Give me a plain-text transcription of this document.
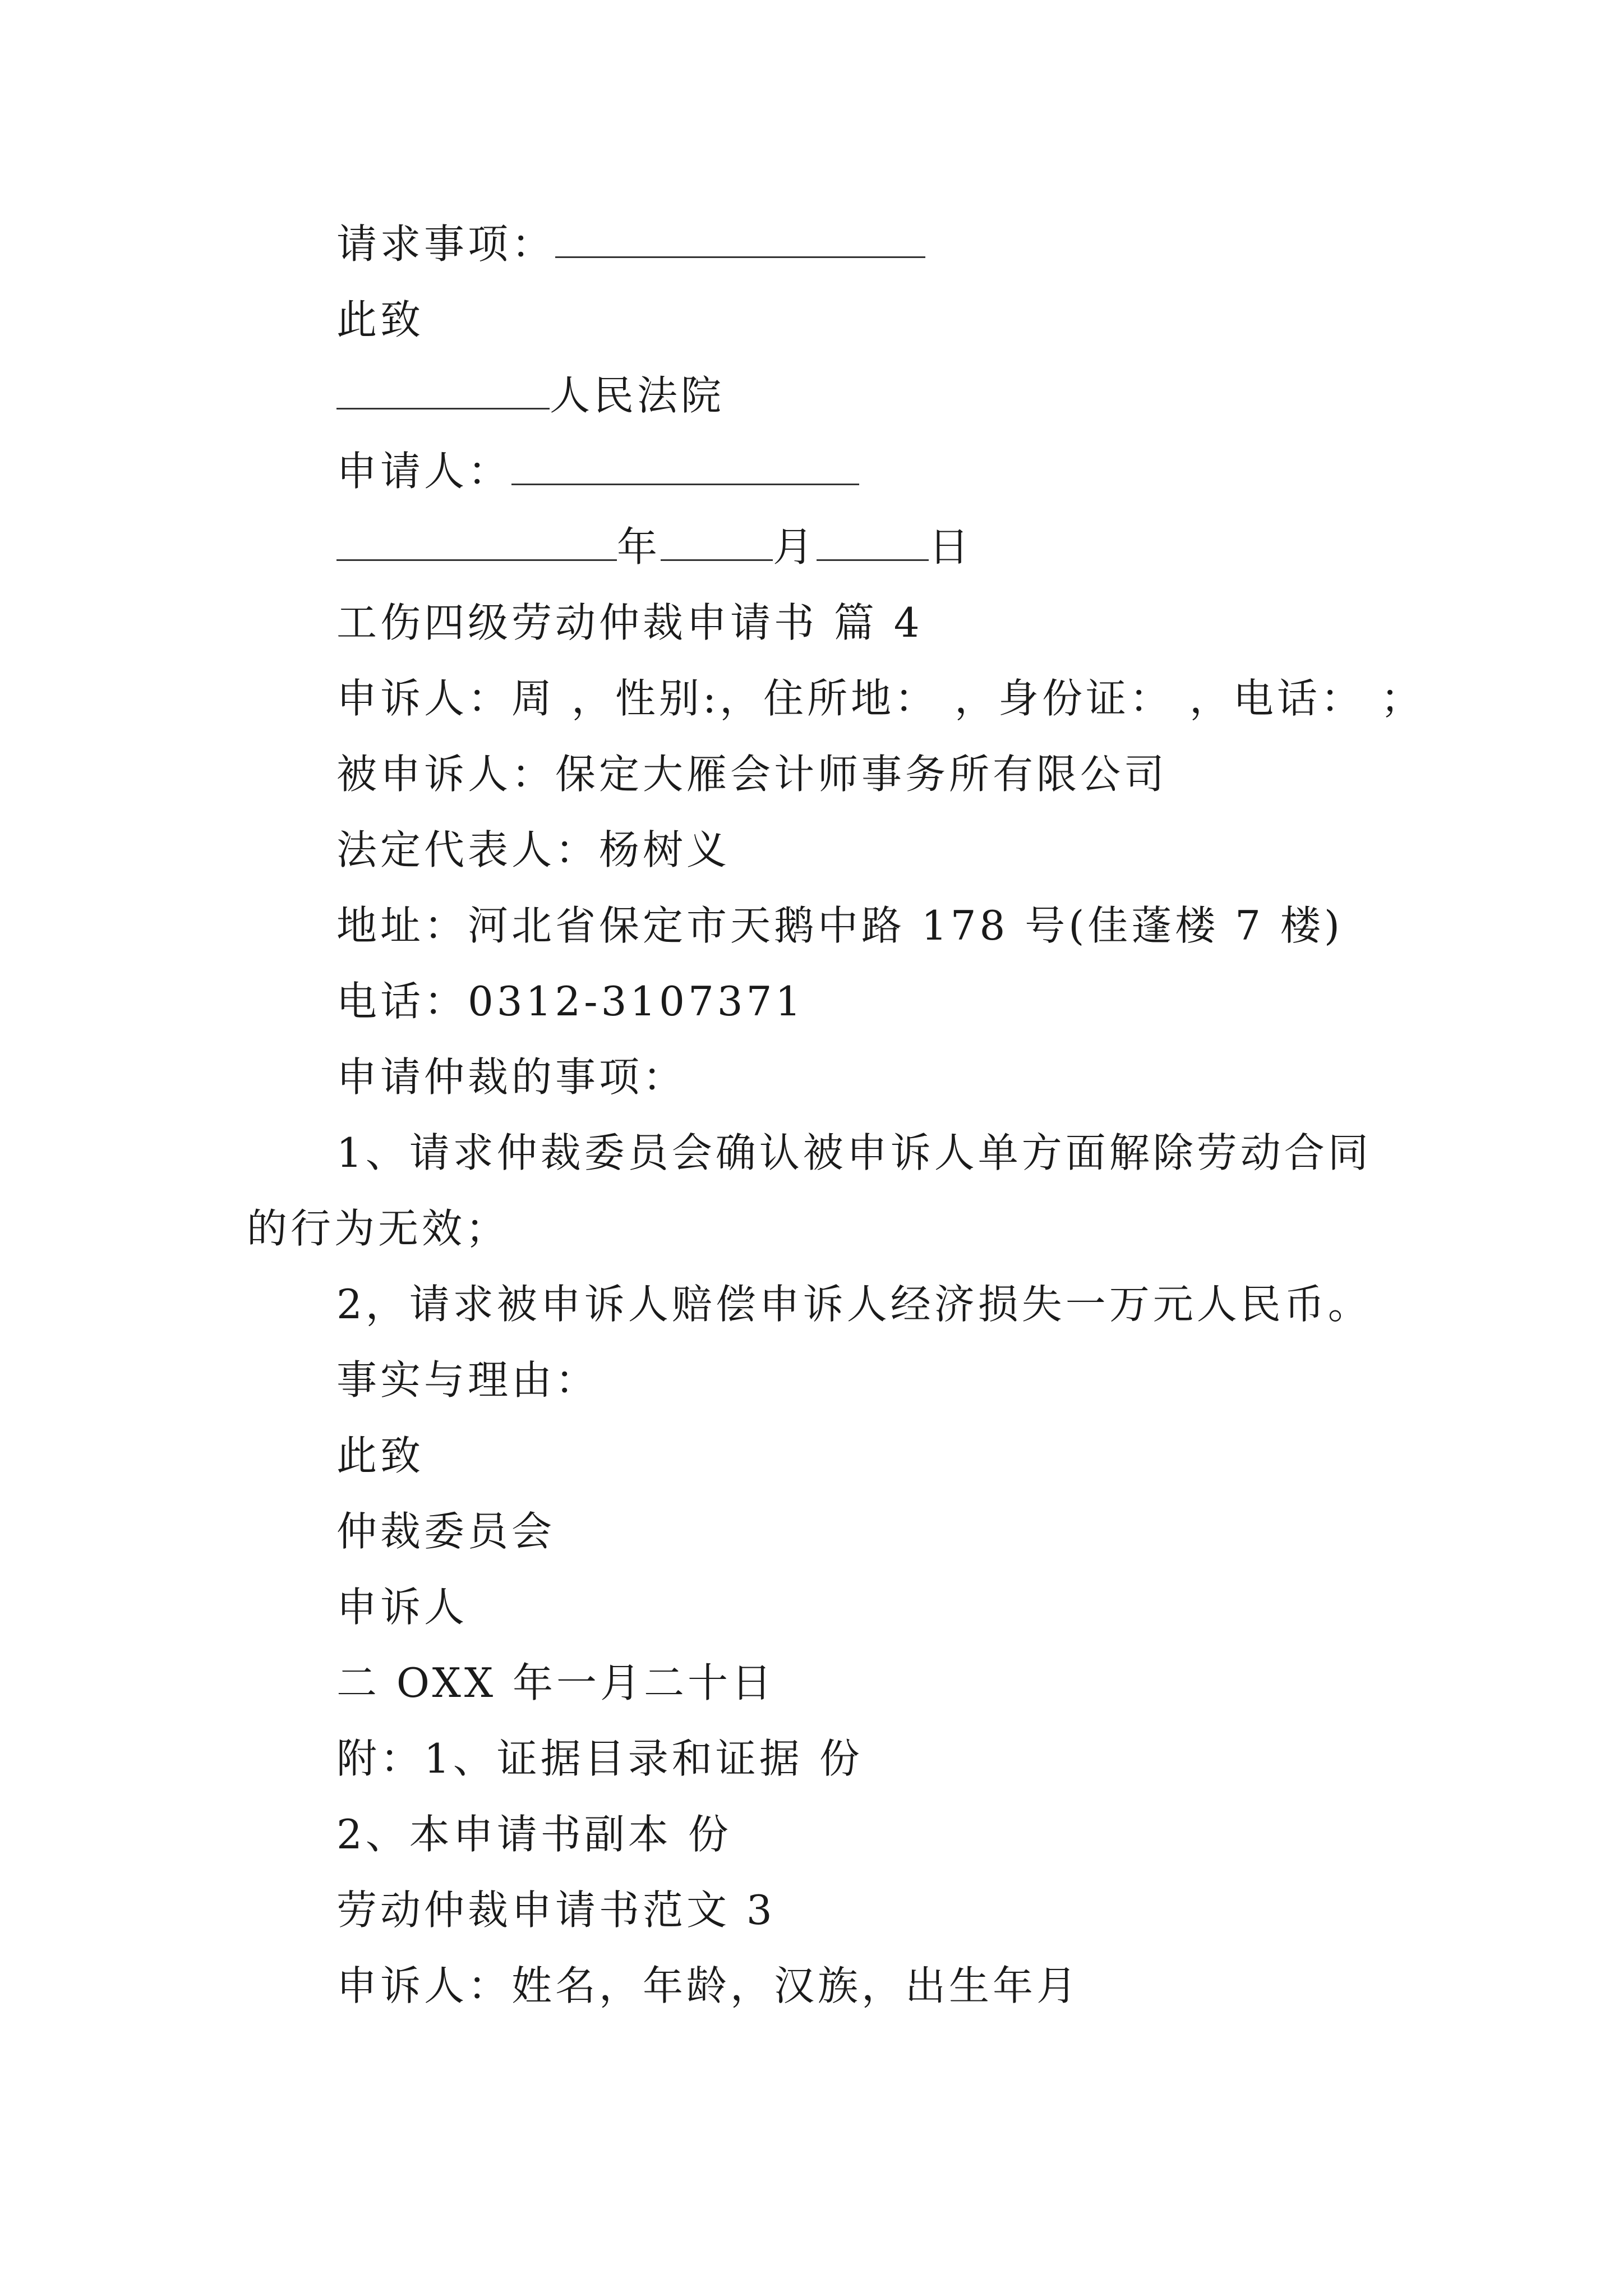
请求事项：
此致
人民法院
申请人：
年	月	日
工伤四级劳动仲裁申请书 篇 4
申诉人：周 ，性别:，住所地： ，身份证： ，电话： ；
被申诉人：保定大雁会计师事务所有限公司
法定代表人：杨树义
地址：河北省保定市天鹅中路 178 号(佳蓬楼 7 楼)
电话：0312-3107371
申请仲裁的事项：
1、请求仲裁委员会确认被申诉人单方面解除劳动合同
的行为无效；
2，请求被申诉人赔偿申诉人经济损失一万元人民币。
事实与理由：
此致
仲裁委员会
申诉人
二 OXX 年一月二十日
附：1、证据目录和证据 份
2、本申请书副本 份
劳动仲裁申请书范文 3
申诉人：姓名，年龄，汉族，出生年月
